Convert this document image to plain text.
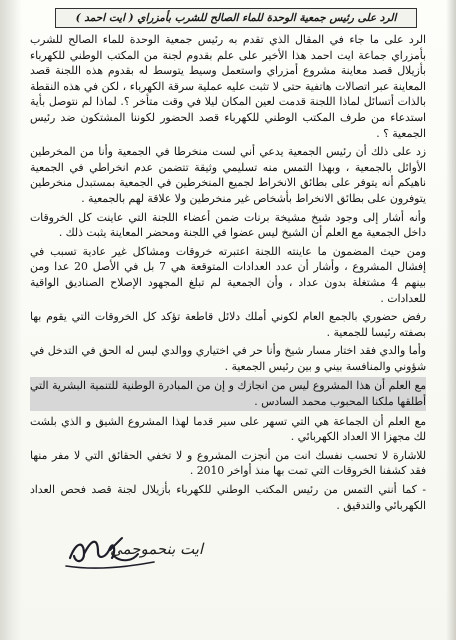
الرد على رئيس جمعية الوحدة للماء الصالح للشرب بأمزراي ( ايت احمد )

الرد على ما جاء في المقال الذي تقدم به رئيس جمعية الوحدة للماء الصالح للشرب بأمزراي جماعة ايت احمد هذا الأخير على علم بقدوم لجنة من المكتب الوطني للكهرباء بأزيلال قصد معاينة مشروع أمزراي واستعمل وسيط يتوسط له بقدوم هذه اللجنة قصد المعاينة عبر اتصالات هاتفية حتى لا تثبت عليه عملية سرقة الكهرباء ، لكن في هذه النقطة بالذات أتسائل لماذا اللجنة قدمت لعين المكان ليلا في وقت متأخر ؟. لماذا لم نتوصل بأية استدعاء من طرف المكتب الوطني للكهرباء قصد الحضور لكوننا المشتكون ضد رئيس الجمعية ؟ .

زد على ذلك أن رئيس الجمعية يدعي أني لست منخرطا في الجمعية وأنا من المخرطين الأوائل بالجمعية ، وبهذا التمس منه تسليمي وثيقة تتضمن عدم انخراطي في الجمعية ناهيكم أنه يتوفر على بطائق الانخراط لجميع المنخرطين في الجمعية بمستبدل منخرطين يتوفرون على بطائق الانخراط بأشخاص غير منخرطين ولا علاقة لهم بالجمعية .

وأنه أشار إلى وجود شيخ مشيخة برنات ضمن أعضاء اللجنة التي عاينت كل الخروقات داخل الجمعية مع العلم أن الشيخ ليس عضوا في اللجنة ومحضر المعاينة يثبت ذلك .

ومن حيث المضمون ما عاينته اللجنة اعتبرته خروقات ومشاكل غير عادية تسبب في إفشال المشروع ، وأشار أن عدد العدادات المتوقعة هي 7 بل في الأصل 20 عدا ومن بينهم 4 مشتغلة بدون عداد ، وأن الجمعية لم تبلغ المجهود الإصلاح الصناديق الواقية للعدادات .

رفض حضوري بالجمع العام لكوني أملك دلائل قاطعة تؤكد كل الخروقات التي يقوم بها بصفته رئيسا للجمعية .

وأما والدي فقد اختار مسار شيخ وأنا حر في اختياري ووالدي ليس له الحق في التدخل في شؤوني والمنافسة بيني و بين رئيس الجمعية .

مع العلم أن هذا المشروع ليس من انجازك و إن من المبادرة الوطنية للتنمية البشرية التي أطلقها ملكنا المحبوب محمد السادس .

مع العلم أن الجماعة هي التي تسهر على سير قدما لهذا المشروع الشيق و الذي بلشت لك مجهزا الا العداد الكهربائي .

للاشارة لا تحسب نفسك انت من أنجزت المشروع و لا تخفي الحقائق التي لا مفر منها فقد كشفنا الخروقات التي تمت بها منذ أواخر 2010 .

- كما أنني التمس من رئيس المكتب الوطني للكهرباء بأزيلال لجنة قصد فحص العداد الكهربائي والتدقيق .

ايت بنحموحمي
